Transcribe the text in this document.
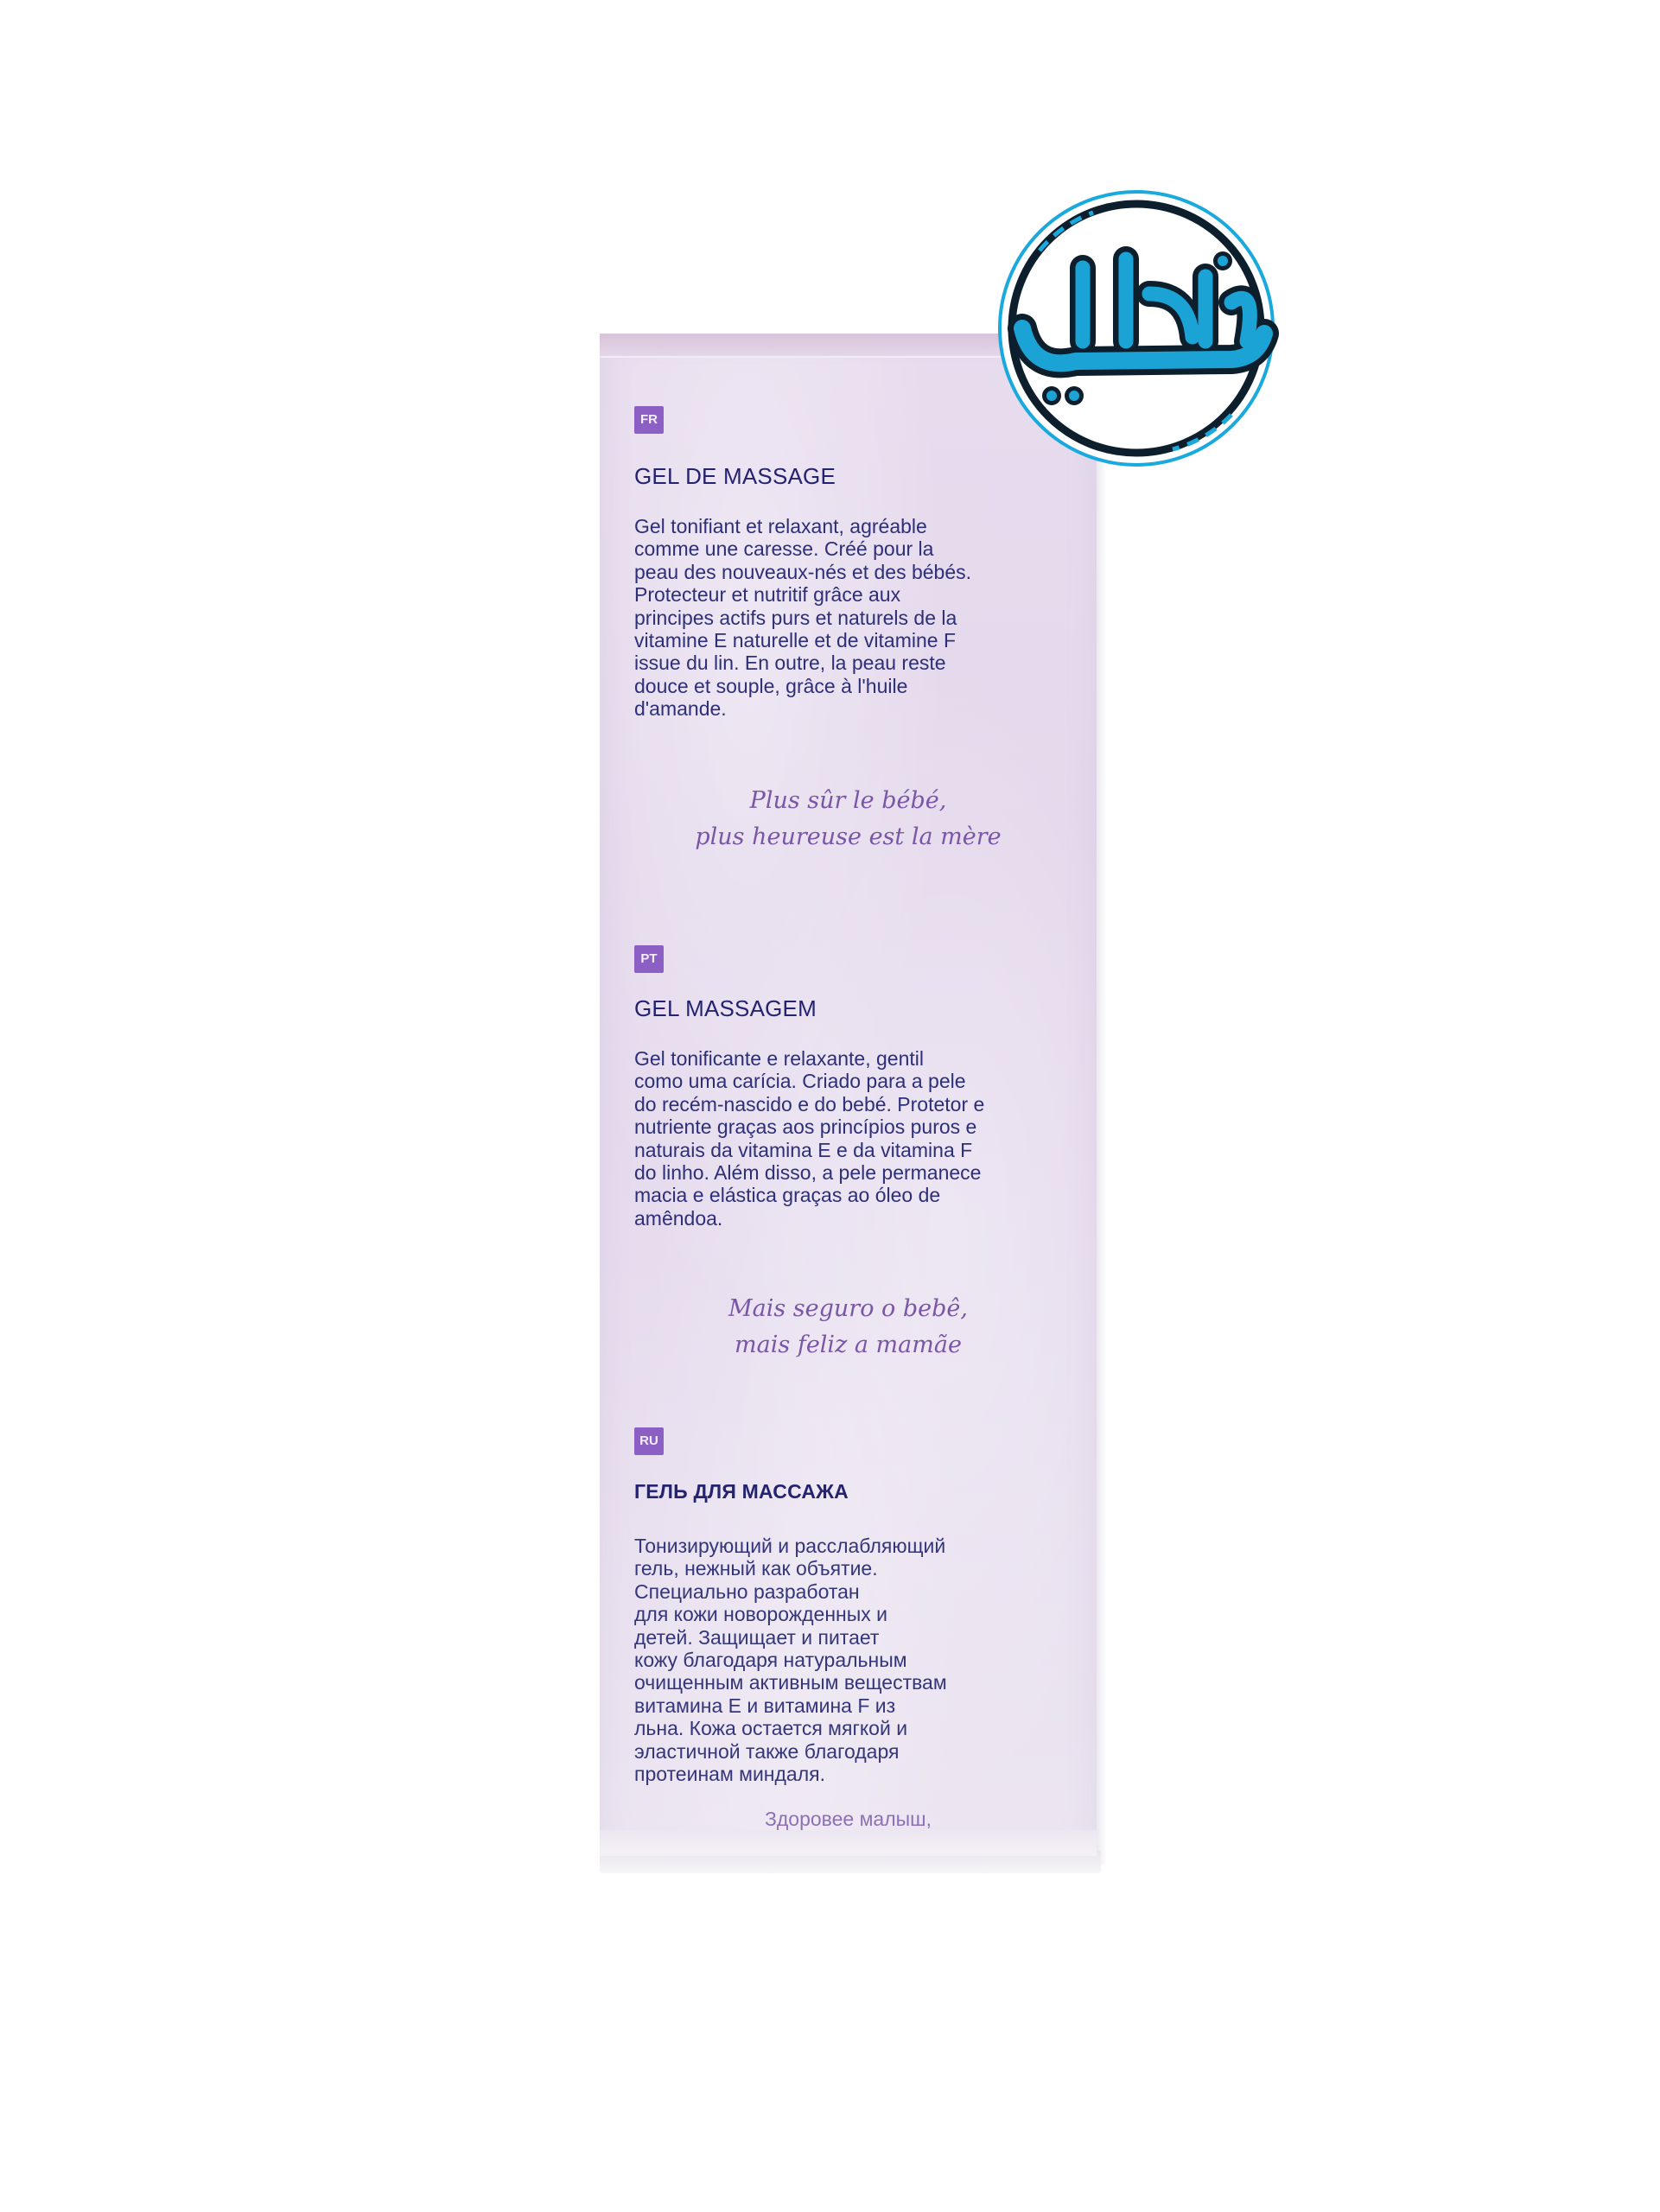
FR
GEL DE MASSAGE
Gel tonifiant et relaxant, agréable
comme une caresse. Créé pour la
peau des nouveaux-nés et des bébés.
Protecteur et nutritif grâce aux
principes actifs purs et naturels de la
vitamine E naturelle et de vitamine F
issue du lin. En outre, la peau reste
douce et souple, grâce à l'huile
d'amande.
Plus sûr le bébé,
plus heureuse est la mère
PT
GEL MASSAGEM
Gel tonificante e relaxante, gentil
como uma carícia. Criado para a pele
do recém-nascido e do bebé. Protetor e
nutriente graças aos princípios puros e
naturais da vitamina E e da vitamina F
do linho. Além disso, a pele permanece
macia e elástica graças ao óleo de
amêndoa.
Mais seguro o bebê,
mais feliz a mamãe
RU
ГЕЛЬ ДЛЯ МАССАЖА
Тонизирующий и расслабляющий
гель, нежный как объятие.
Специально разработан
для кожи новорожденных и
детей. Защищает и питает
кожу благодаря натуральным
очищенным активным веществам
витамина Е и витамина F из
льна. Кожа остается мягкой и
эластичной также благодаря
протеинам миндаля.
Здоровее малыш,
